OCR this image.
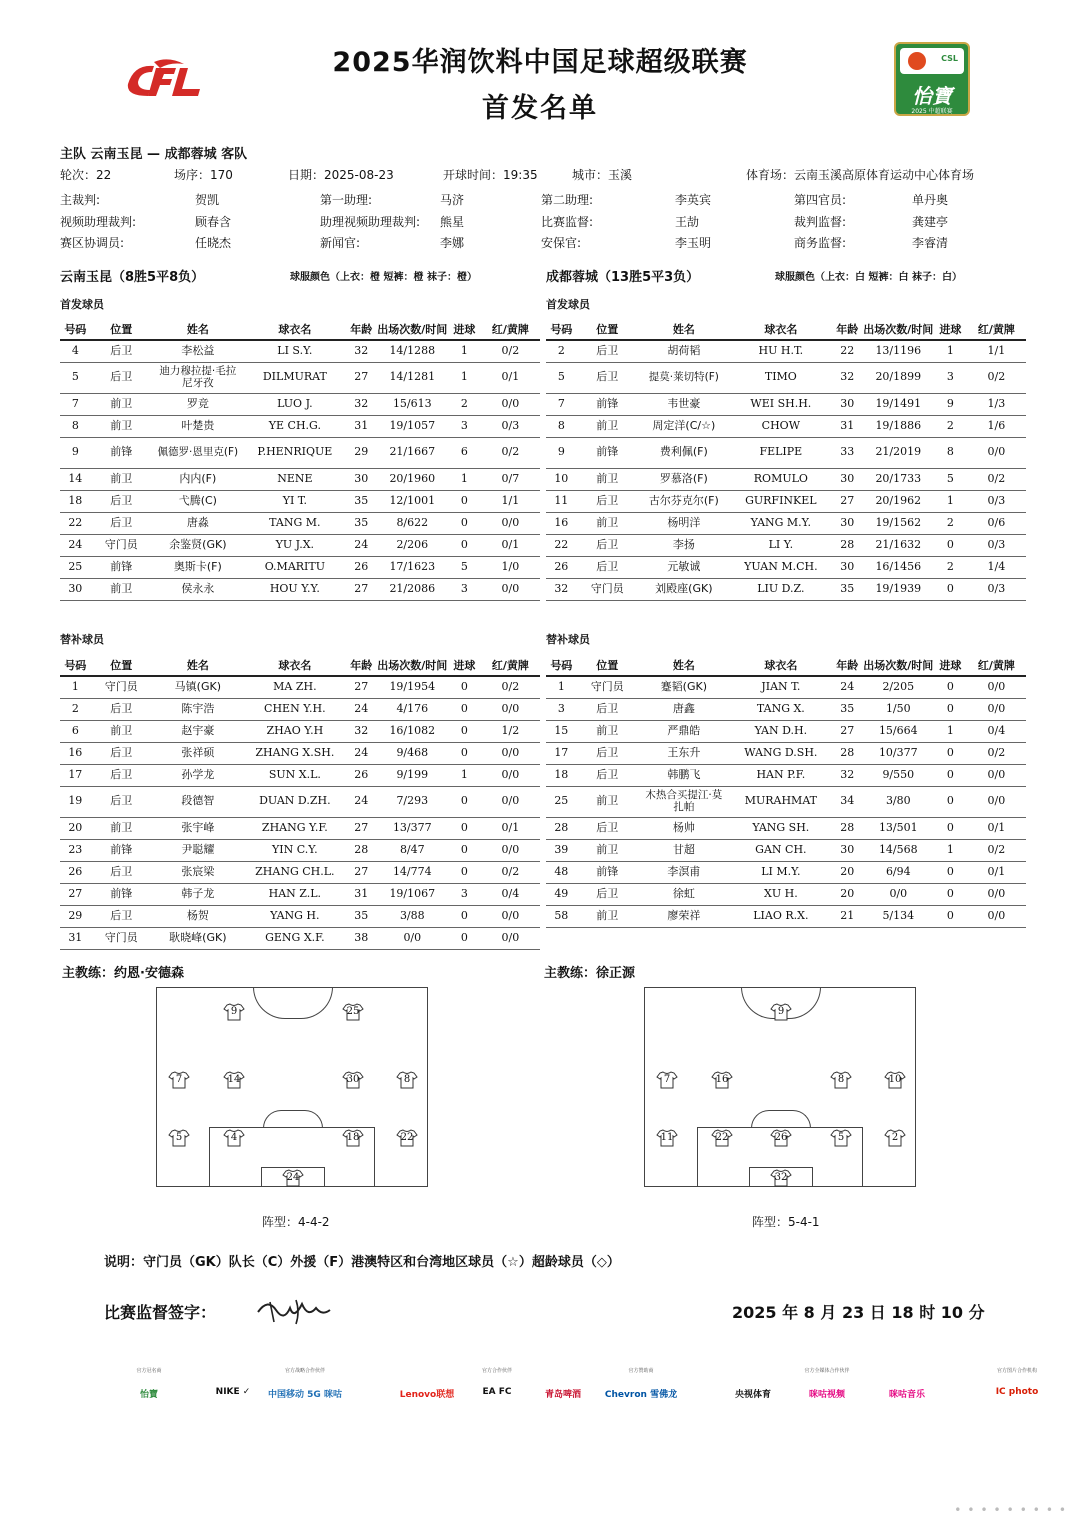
2025华润饮料中国足球超级联赛
首发名单
CSL
怡寶
2025 中超联赛
主队 云南玉昆 — 成都蓉城 客队
轮次：22	场序：170	日期：2025-08-23	开球时间：19:35	城市：玉溪	体育场：云南玉溪高原体育运动中心体育场
主裁判:	贺凯	第一助理:	马济	第二助理:	李英宾	第四官员:	单丹奥
视频助理裁判:	顾春含	助理视频助理裁判: 熊星	比赛监督:	王劼	裁判监督:	龚建亭
赛区协调员:	任晓杰	新闻官:	李娜	安保官:	李玉明	商务监督:	李睿清
云南玉昆（8胜5平8负）	球服颜色（上衣：橙 短裤：橙 袜子：橙）	成都蓉城（13胜5平3负）	球服颜色（上衣：白 短裤：白 袜子：白）
首发球员	首发球员
替补球员	替补球员
号码	位置	姓名	球衣名	年龄	出场次数/时间	进球	红/黄牌
4	后卫	李松益	LI S.Y.	32	14/1288	1	0/2
5	后卫	迪力穆拉提·毛拉尼牙孜	DILMURAT	27	14/1281	1	0/1
7	前卫	罗竞	LUO J.	32	15/613	2	0/0
8	前卫	叶楚贵	YE CH.G.	31	19/1057	3	0/3
9	前锋	佩德罗·恩里克(F)	P.HENRIQUE	29	21/1667	6	0/2
14	前卫	内内(F)	NENE	30	20/1960	1	0/7
18	后卫	弋腾(C)	YI T.	35	12/1001	0	1/1
22	后卫	唐淼	TANG M.	35	8/622	0	0/0
24	守门员	余鉴贤(GK)	YU J.X.	24	2/206	0	0/1
25	前锋	奥斯卡(F)	O.MARITU	26	17/1623	5	1/0
30	前卫	侯永永	HOU Y.Y.	27	21/2086	3	0/0
号码	位置	姓名	球衣名	年龄	出场次数/时间	进球	红/黄牌
2	后卫	胡荷韬	HU H.T.	22	13/1196	1	1/1
5	后卫	提莫·莱切特(F)	TIMO	32	20/1899	3	0/2
7	前锋	韦世豪	WEI SH.H.	30	19/1491	9	1/3
8	前卫	周定洋(C/☆)	CHOW	31	19/1886	2	1/6
9	前锋	费利佩(F)	FELIPE	33	21/2019	8	0/0
10	前卫	罗慕洛(F)	ROMULO	30	20/1733	5	0/2
11	后卫	古尔芬克尔(F)	GURFINKEL	27	20/1962	1	0/3
16	前卫	杨明洋	YANG M.Y.	30	19/1562	2	0/6
22	后卫	李扬	LI Y.	28	21/1632	0	0/3
26	后卫	元敏诚	YUAN M.CH.	30	16/1456	2	1/4
32	守门员	刘殿座(GK)	LIU D.Z.	35	19/1939	0	0/3
号码	位置	姓名	球衣名	年龄	出场次数/时间	进球	红/黄牌
1	守门员	马镇(GK)	MA ZH.	27	19/1954	0	0/2
2	后卫	陈宇浩	CHEN Y.H.	24	4/176	0	0/0
6	前卫	赵宇豪	ZHAO Y.H	32	16/1082	0	1/2
16	后卫	张祥硕	ZHANG X.SH.	24	9/468	0	0/0
17	后卫	孙学龙	SUN X.L.	26	9/199	1	0/0
19	后卫	段德智	DUAN D.ZH.	24	7/293	0	0/0
20	前卫	张宇峰	ZHANG Y.F.	27	13/377	0	0/1
23	前锋	尹聪耀	YIN C.Y.	28	8/47	0	0/0
26	后卫	张宸梁	ZHANG CH.L.	27	14/774	0	0/2
27	前锋	韩子龙	HAN Z.L.	31	19/1067	3	0/4
29	后卫	杨贺	YANG H.	35	3/88	0	0/0
31	守门员	耿晓峰(GK)	GENG X.F.	38	0/0	0	0/0
号码	位置	姓名	球衣名	年龄	出场次数/时间	进球	红/黄牌
1	守门员	蹇韬(GK)	JIAN T.	24	2/205	0	0/0
3	后卫	唐鑫	TANG X.	35	1/50	0	0/0
15	前卫	严鼎皓	YAN D.H.	27	15/664	1	0/4
17	后卫	王东升	WANG D.SH.	28	10/377	0	0/2
18	后卫	韩鹏飞	HAN P.F.	32	9/550	0	0/0
25	前卫	木热合买提江·莫扎帕	MURAHMAT	34	3/80	0	0/0
28	后卫	杨帅	YANG SH.	28	13/501	0	0/1
39	前卫	甘超	GAN CH.	30	14/568	1	0/2
48	前锋	李溟甫	LI M.Y.	20	6/94	0	0/1
49	后卫	徐虹	XU H.	20	0/0	0	0/0
58	前卫	廖荣祥	LIAO R.X.	21	5/134	0	0/0
主教练：约恩·安德森	主教练：徐正源
9	25
7	14	30	8
5	4	18	22
24
9
7	16	8	10
11	22	26	5	2
32
阵型：4-4-2	阵型：5-4-1
说明：守门员（GK）队长（C）外援（F）港澳特区和台湾地区球员（☆）超龄球员（◇）
比赛监督签字：	2025 年 8 月 23 日 18 时 10 分
官方冠名商
怡寶	NIKE ✓
官方战略合作伙伴
中国移动 5G 咪咕	Lenovo联想
官方合作伙伴
EA FC	青岛啤酒
官方赞助商
Chevron 雪佛龙	央视体育
官方全媒体合作伙伴
咪咕视频	咪咕音乐
官方图片合作机构
IC photo
•••••••••
